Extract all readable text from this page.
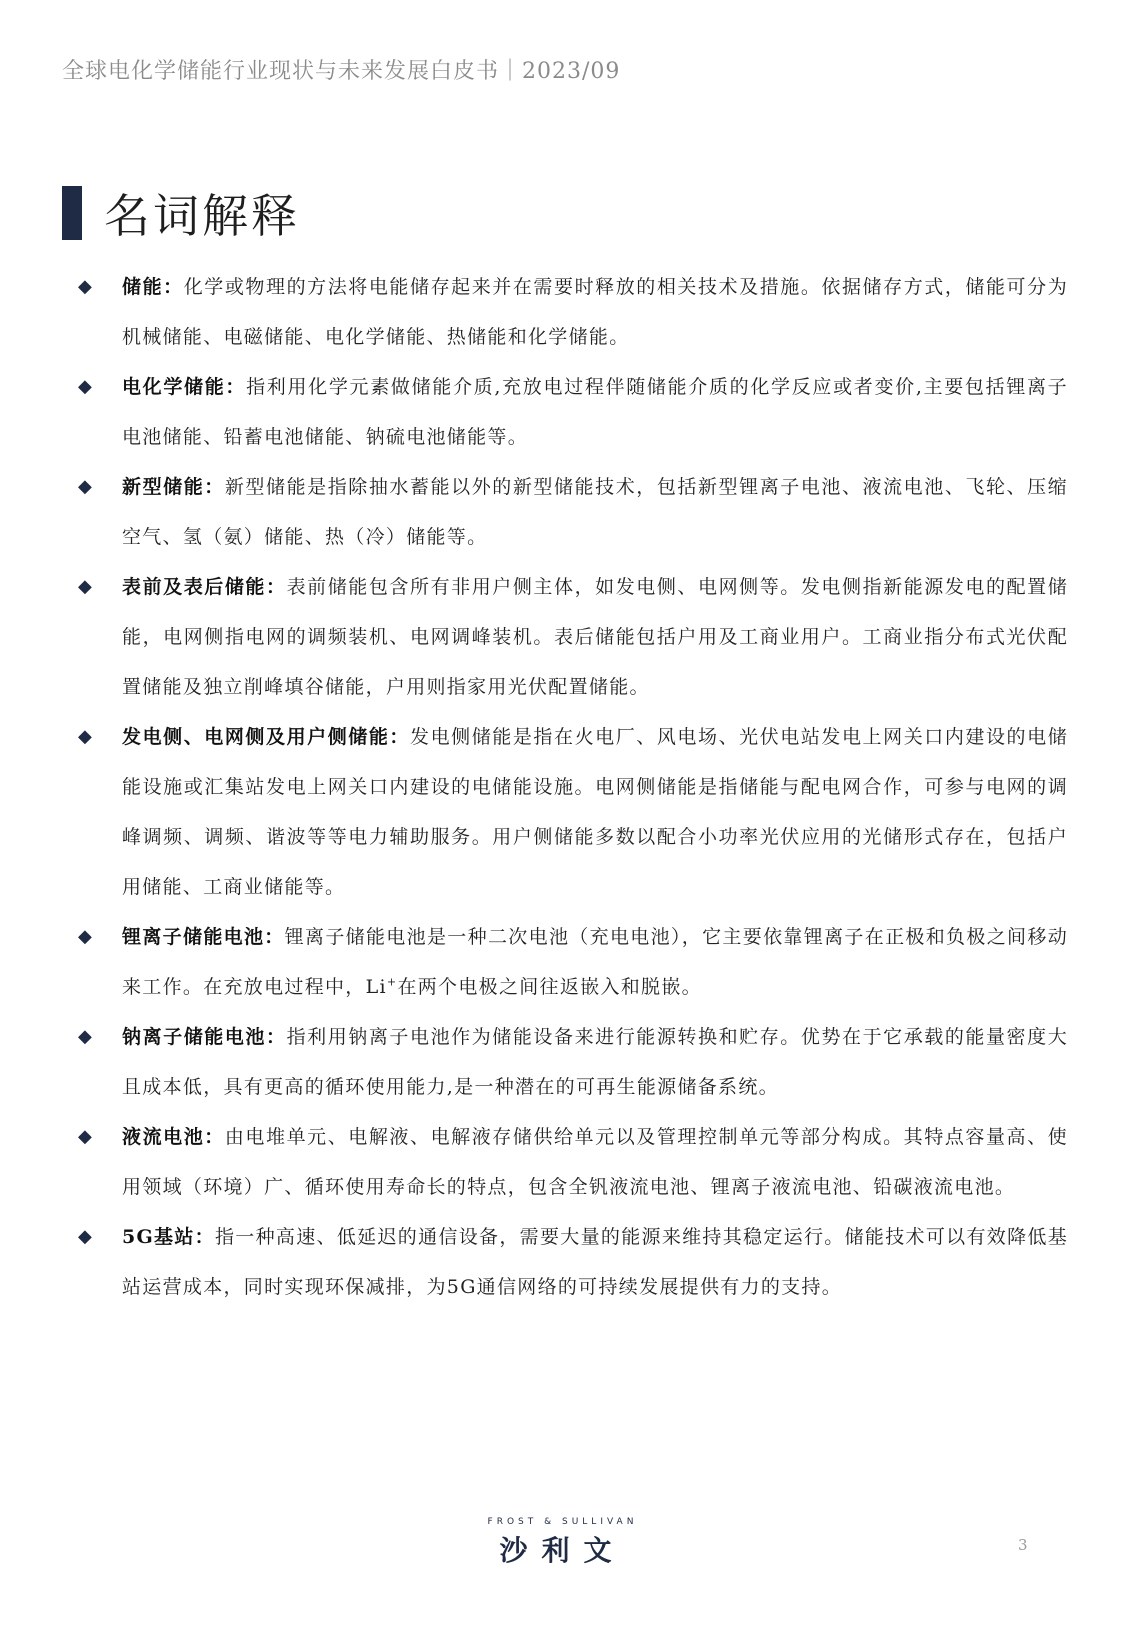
全球电化学储能行业现状与未来发展白皮书｜2023/09
名词解释
◆	储能：化学或物理的方法将电能储存起来并在需要时释放的相关技术及措施。依据储存方式，储能可分为机械储能、电磁储能、电化学储能、热储能和化学储能。
◆	电化学储能：指利用化学元素做储能介质,充放电过程伴随储能介质的化学反应或者变价,主要包括锂离子电池储能、铅蓄电池储能、钠硫电池储能等。
◆	新型储能：新型储能是指除抽水蓄能以外的新型储能技术，包括新型锂离子电池、液流电池、飞轮、压缩空气、氢（氨）储能、热（冷）储能等。
◆	表前及表后储能：表前储能包含所有非用户侧主体，如发电侧、电网侧等。发电侧指新能源发电的配置储能，电网侧指电网的调频装机、电网调峰装机。表后储能包括户用及工商业用户。工商业指分布式光伏配置储能及独立削峰填谷储能，户用则指家用光伏配置储能。
◆	发电侧、电网侧及用户侧储能：发电侧储能是指在火电厂、风电场、光伏电站发电上网关口内建设的电储能设施或汇集站发电上网关口内建设的电储能设施。电网侧储能是指储能与配电网合作，可参与电网的调峰调频、调频、谐波等等电力辅助服务。用户侧储能多数以配合小功率光伏应用的光储形式存在，包括户用储能、工商业储能等。
◆	锂离子储能电池：锂离子储能电池是一种二次电池（充电电池），它主要依靠锂离子在正极和负极之间移动来工作。在充放电过程中，Li+在两个电极之间往返嵌入和脱嵌。
◆	钠离子储能电池：指利用钠离子电池作为储能设备来进行能源转换和贮存。优势在于它承载的能量密度大且成本低，具有更高的循环使用能力,是一种潜在的可再生能源储备系统。
◆	液流电池：由电堆单元、电解液、电解液存储供给单元以及管理控制单元等部分构成。其特点容量高、使用领域（环境）广、循环使用寿命长的特点，包含全钒液流电池、锂离子液流电池、铅碳液流电池。
◆	5G基站：指一种高速、低延迟的通信设备，需要大量的能源来维持其稳定运行。储能技术可以有效降低基站运营成本，同时实现环保减排，为5G通信网络的可持续发展提供有力的支持。
FROST & SULLIVAN
沙利文	3
